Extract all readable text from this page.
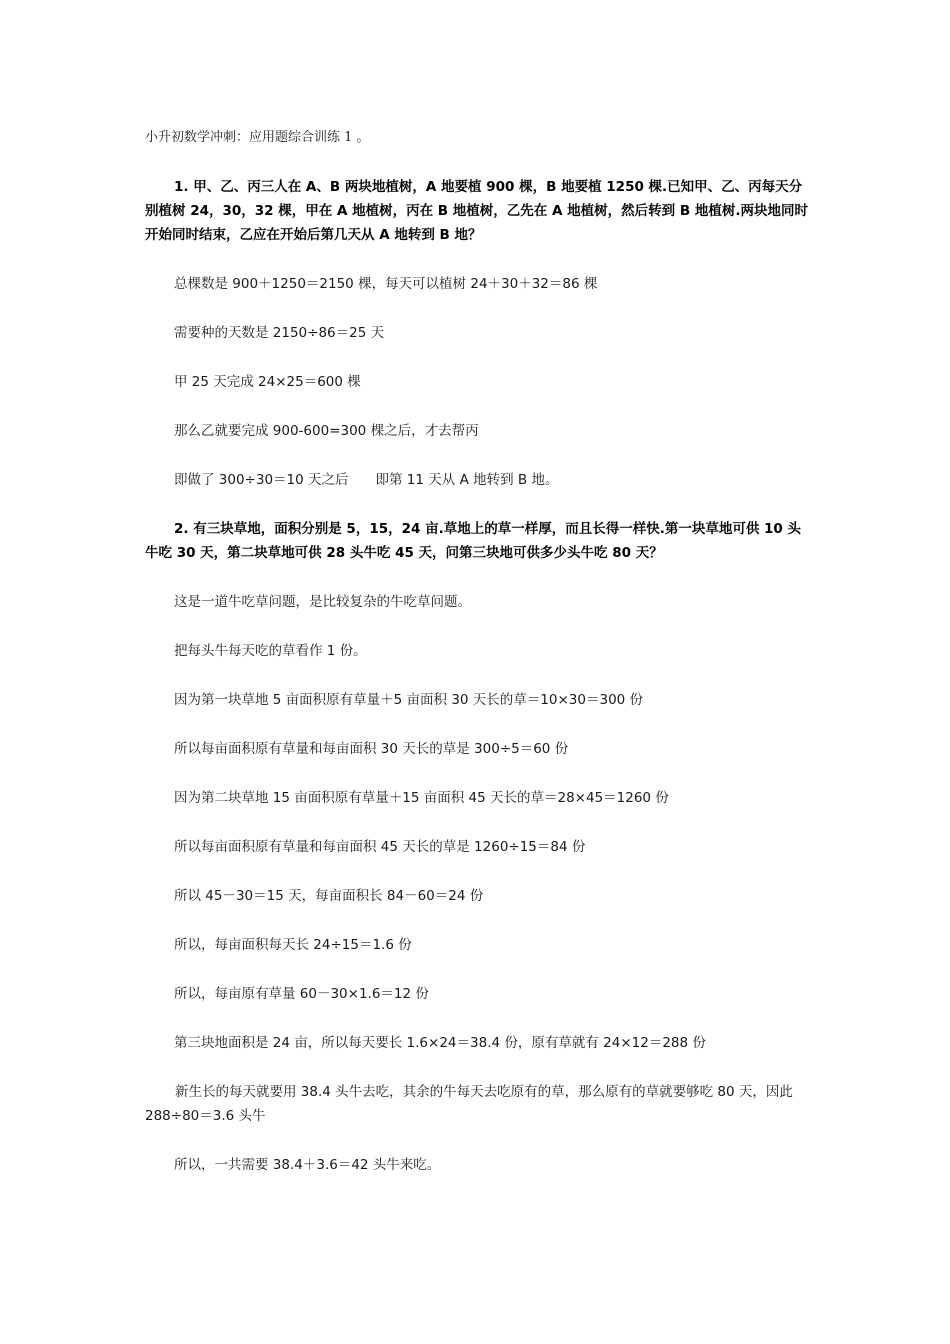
小升初数学冲刺：应用题综合训练 1 。
1. 甲、乙、丙三人在 A、B 两块地植树，A 地要植 900 棵，B 地要植 1250 棵.已知甲、乙、丙每天分别植树 24，30，32 棵，甲在 A 地植树，丙在 B 地植树，乙先在 A 地植树，然后转到 B 地植树.两块地同时开始同时结束，乙应在开始后第几天从 A 地转到 B 地？
总棵数是 900＋1250＝2150 棵，每天可以植树 24＋30＋32＝86 棵
需要种的天数是 2150÷86＝25 天
甲 25 天完成 24×25＝600 棵
那么乙就要完成 900-600=300 棵之后，才去帮丙
即做了 300÷30＝10 天之后　　即第 11 天从 A 地转到 B 地。
2. 有三块草地，面积分别是 5，15，24 亩.草地上的草一样厚，而且长得一样快.第一块草地可供 10 头牛吃 30 天，第二块草地可供 28 头牛吃 45 天，问第三块地可供多少头牛吃 80 天？
这是一道牛吃草问题，是比较复杂的牛吃草问题。
把每头牛每天吃的草看作 1 份。
因为第一块草地 5 亩面积原有草量＋5 亩面积 30 天长的草＝10×30＝300 份
所以每亩面积原有草量和每亩面积 30 天长的草是 300÷5＝60 份
因为第二块草地 15 亩面积原有草量＋15 亩面积 45 天长的草＝28×45＝1260 份
所以每亩面积原有草量和每亩面积 45 天长的草是 1260÷15＝84 份
所以 45－30＝15 天，每亩面积长 84－60＝24 份
所以，每亩面积每天长 24÷15＝1.6 份
所以，每亩原有草量 60－30×1.6＝12 份
第三块地面积是 24 亩，所以每天要长 1.6×24＝38.4 份，原有草就有 24×12＝288 份
新生长的每天就要用 38.4 头牛去吃，其余的牛每天去吃原有的草，那么原有的草就要够吃 80 天，因此 288÷80＝3.6 头牛
所以，一共需要 38.4＋3.6＝42 头牛来吃。
